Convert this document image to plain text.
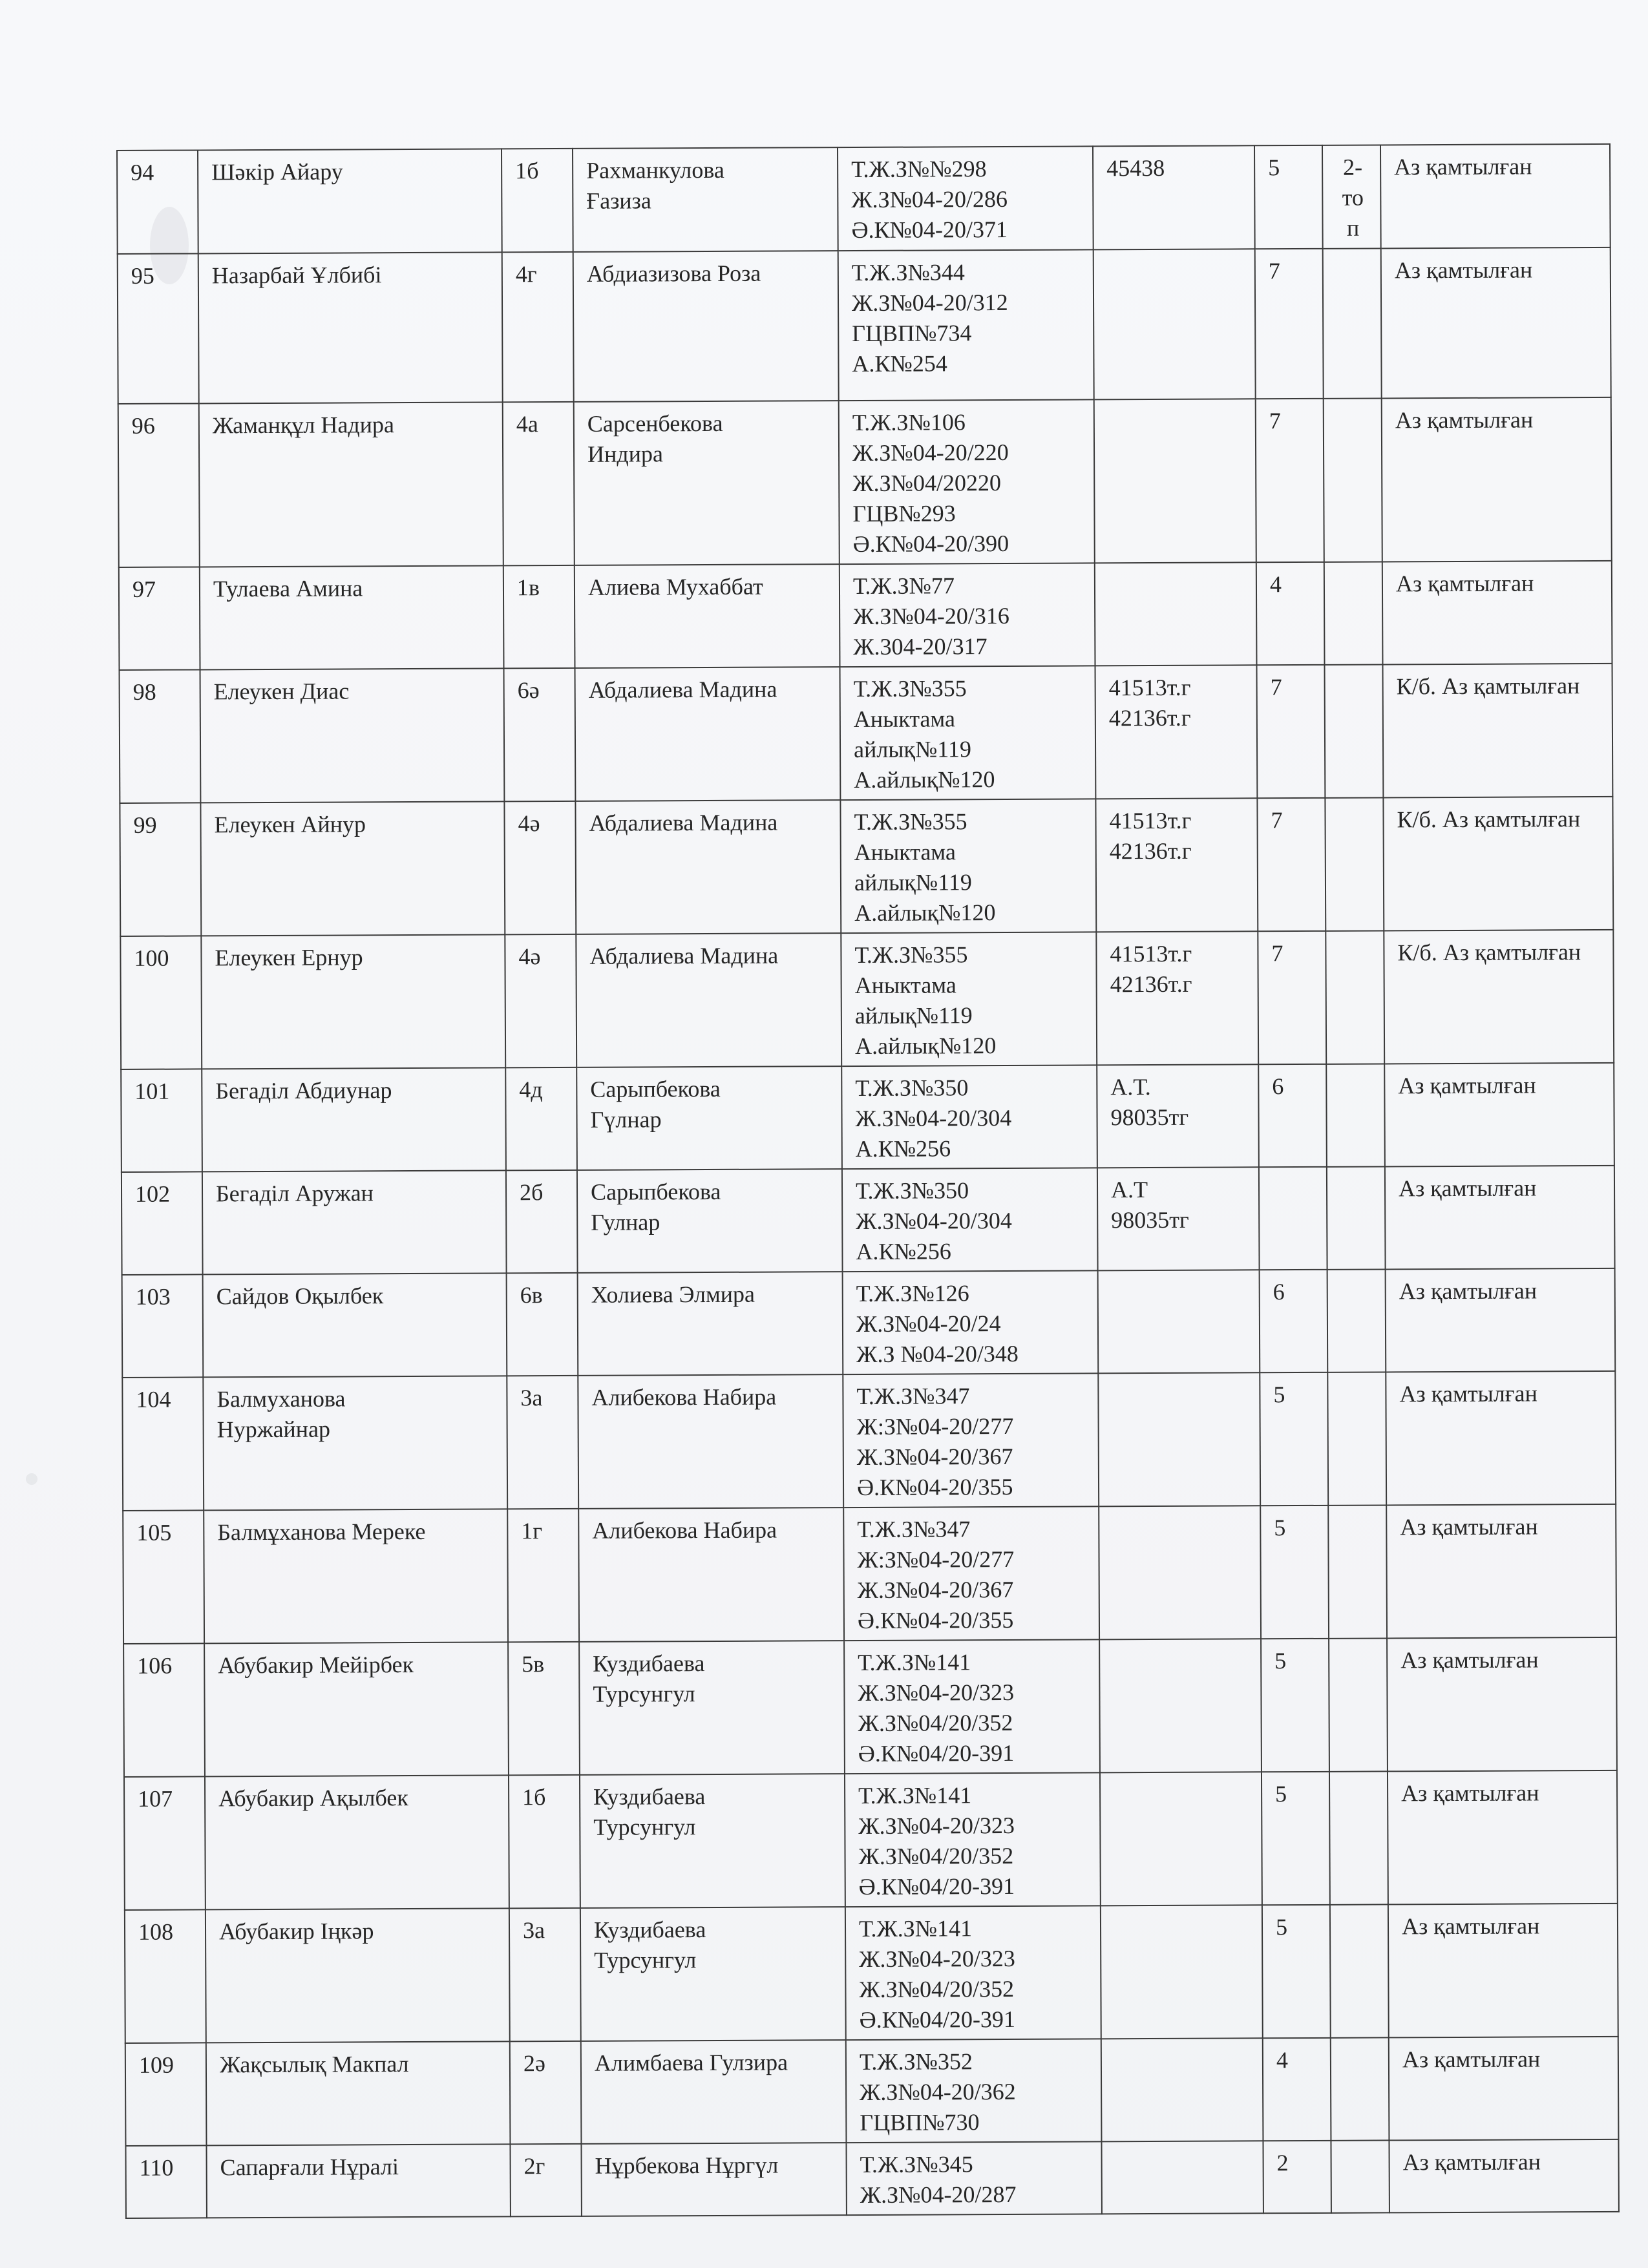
94	Шәкір Айару	1б	Рахманкулова
Ғазиза	Т.Ж.З№№298
Ж.З№04-20/286
Ә.К№04-20/371	45438	5	2-
то
п	Аз қамтылған
95	Назарбай Ұлбибі	4г	Абдиазизова Роза	Т.Ж.З№344
Ж.З№04-20/312
ГЦВП№734
А.К№254		7		Аз қамтылған
96	Жаманқұл Надира	4а	Сарсенбекова
Индира	Т.Ж.З№106
Ж.З№04-20/220
Ж.З№04/20220
ГЦВ№293
Ә.К№04-20/390		7		Аз қамтылған
97	Тулаева Амина	1в	Алиева Мухаббат	Т.Ж.З№77
Ж.З№04-20/316
Ж.304-20/317		4		Аз қамтылған
98	Елеукен Диас	6ә	Абдалиева Мадина	Т.Ж.З№355
Аныктама
айлық№119
А.айлық№120	41513т.г
42136т.г	7		К/б. Аз қамтылған
99	Елеукен Айнур	4ә	Абдалиева Мадина	Т.Ж.З№355
Аныктама
айлық№119
А.айлық№120	41513т.г
42136т.г	7		К/б. Аз қамтылған
100	Елеукен Ернур	4ә	Абдалиева Мадина	Т.Ж.З№355
Аныктама
айлық№119
А.айлық№120	41513т.г
42136т.г	7		К/б. Аз қамтылған
101	Бегаділ Абдиунар	4д	Сарыпбекова
Гүлнар	Т.Ж.З№350
Ж.З№04-20/304
А.К№256	А.Т.
98035тг	6		Аз қамтылған
102	Бегаділ Аружан	2б	Сарыпбекова
Гулнар	Т.Ж.З№350
Ж.З№04-20/304
А.К№256	А.Т
98035тг			Аз қамтылған
103	Сайдов Оқылбек	6в	Холиева Элмира	Т.Ж.З№126
Ж.З№04-20/24
Ж.З №04-20/348		6		Аз қамтылған
104	Балмуханова
Нуржайнар	3а	Алибекова Набира	Т.Ж.З№347
Ж:З№04-20/277
Ж.З№04-20/367
Ә.К№04-20/355		5		Аз қамтылған
105	Балмұханова Мереке	1г	Алибекова Набира	Т.Ж.З№347
Ж:З№04-20/277
Ж.З№04-20/367
Ә.К№04-20/355		5		Аз қамтылған
106	Абубакир Мейірбек	5в	Куздибаева
Турсунгул	Т.Ж.З№141
Ж.З№04-20/323
Ж.З№04/20/352
Ә.К№04/20-391		5		Аз қамтылған
107	Абубакир Ақылбек	1б	Куздибаева
Турсунгул	Т.Ж.З№141
Ж.З№04-20/323
Ж.З№04/20/352
Ә.К№04/20-391		5		Аз қамтылған
108	Абубакир Іңкәр	3а	Куздибаева
Турсунгул	Т.Ж.З№141
Ж.З№04-20/323
Ж.З№04/20/352
Ә.К№04/20-391		5		Аз қамтылған
109	Жақсылық Макпал	2ә	Алимбаева Гулзира	Т.Ж.З№352
Ж.З№04-20/362
ГЦВП№730		4		Аз қамтылған
110	Сапарғали Нұралі	2г	Нұрбекова Нұргүл	Т.Ж.З№345
Ж.З№04-20/287		2		Аз қамтылған
